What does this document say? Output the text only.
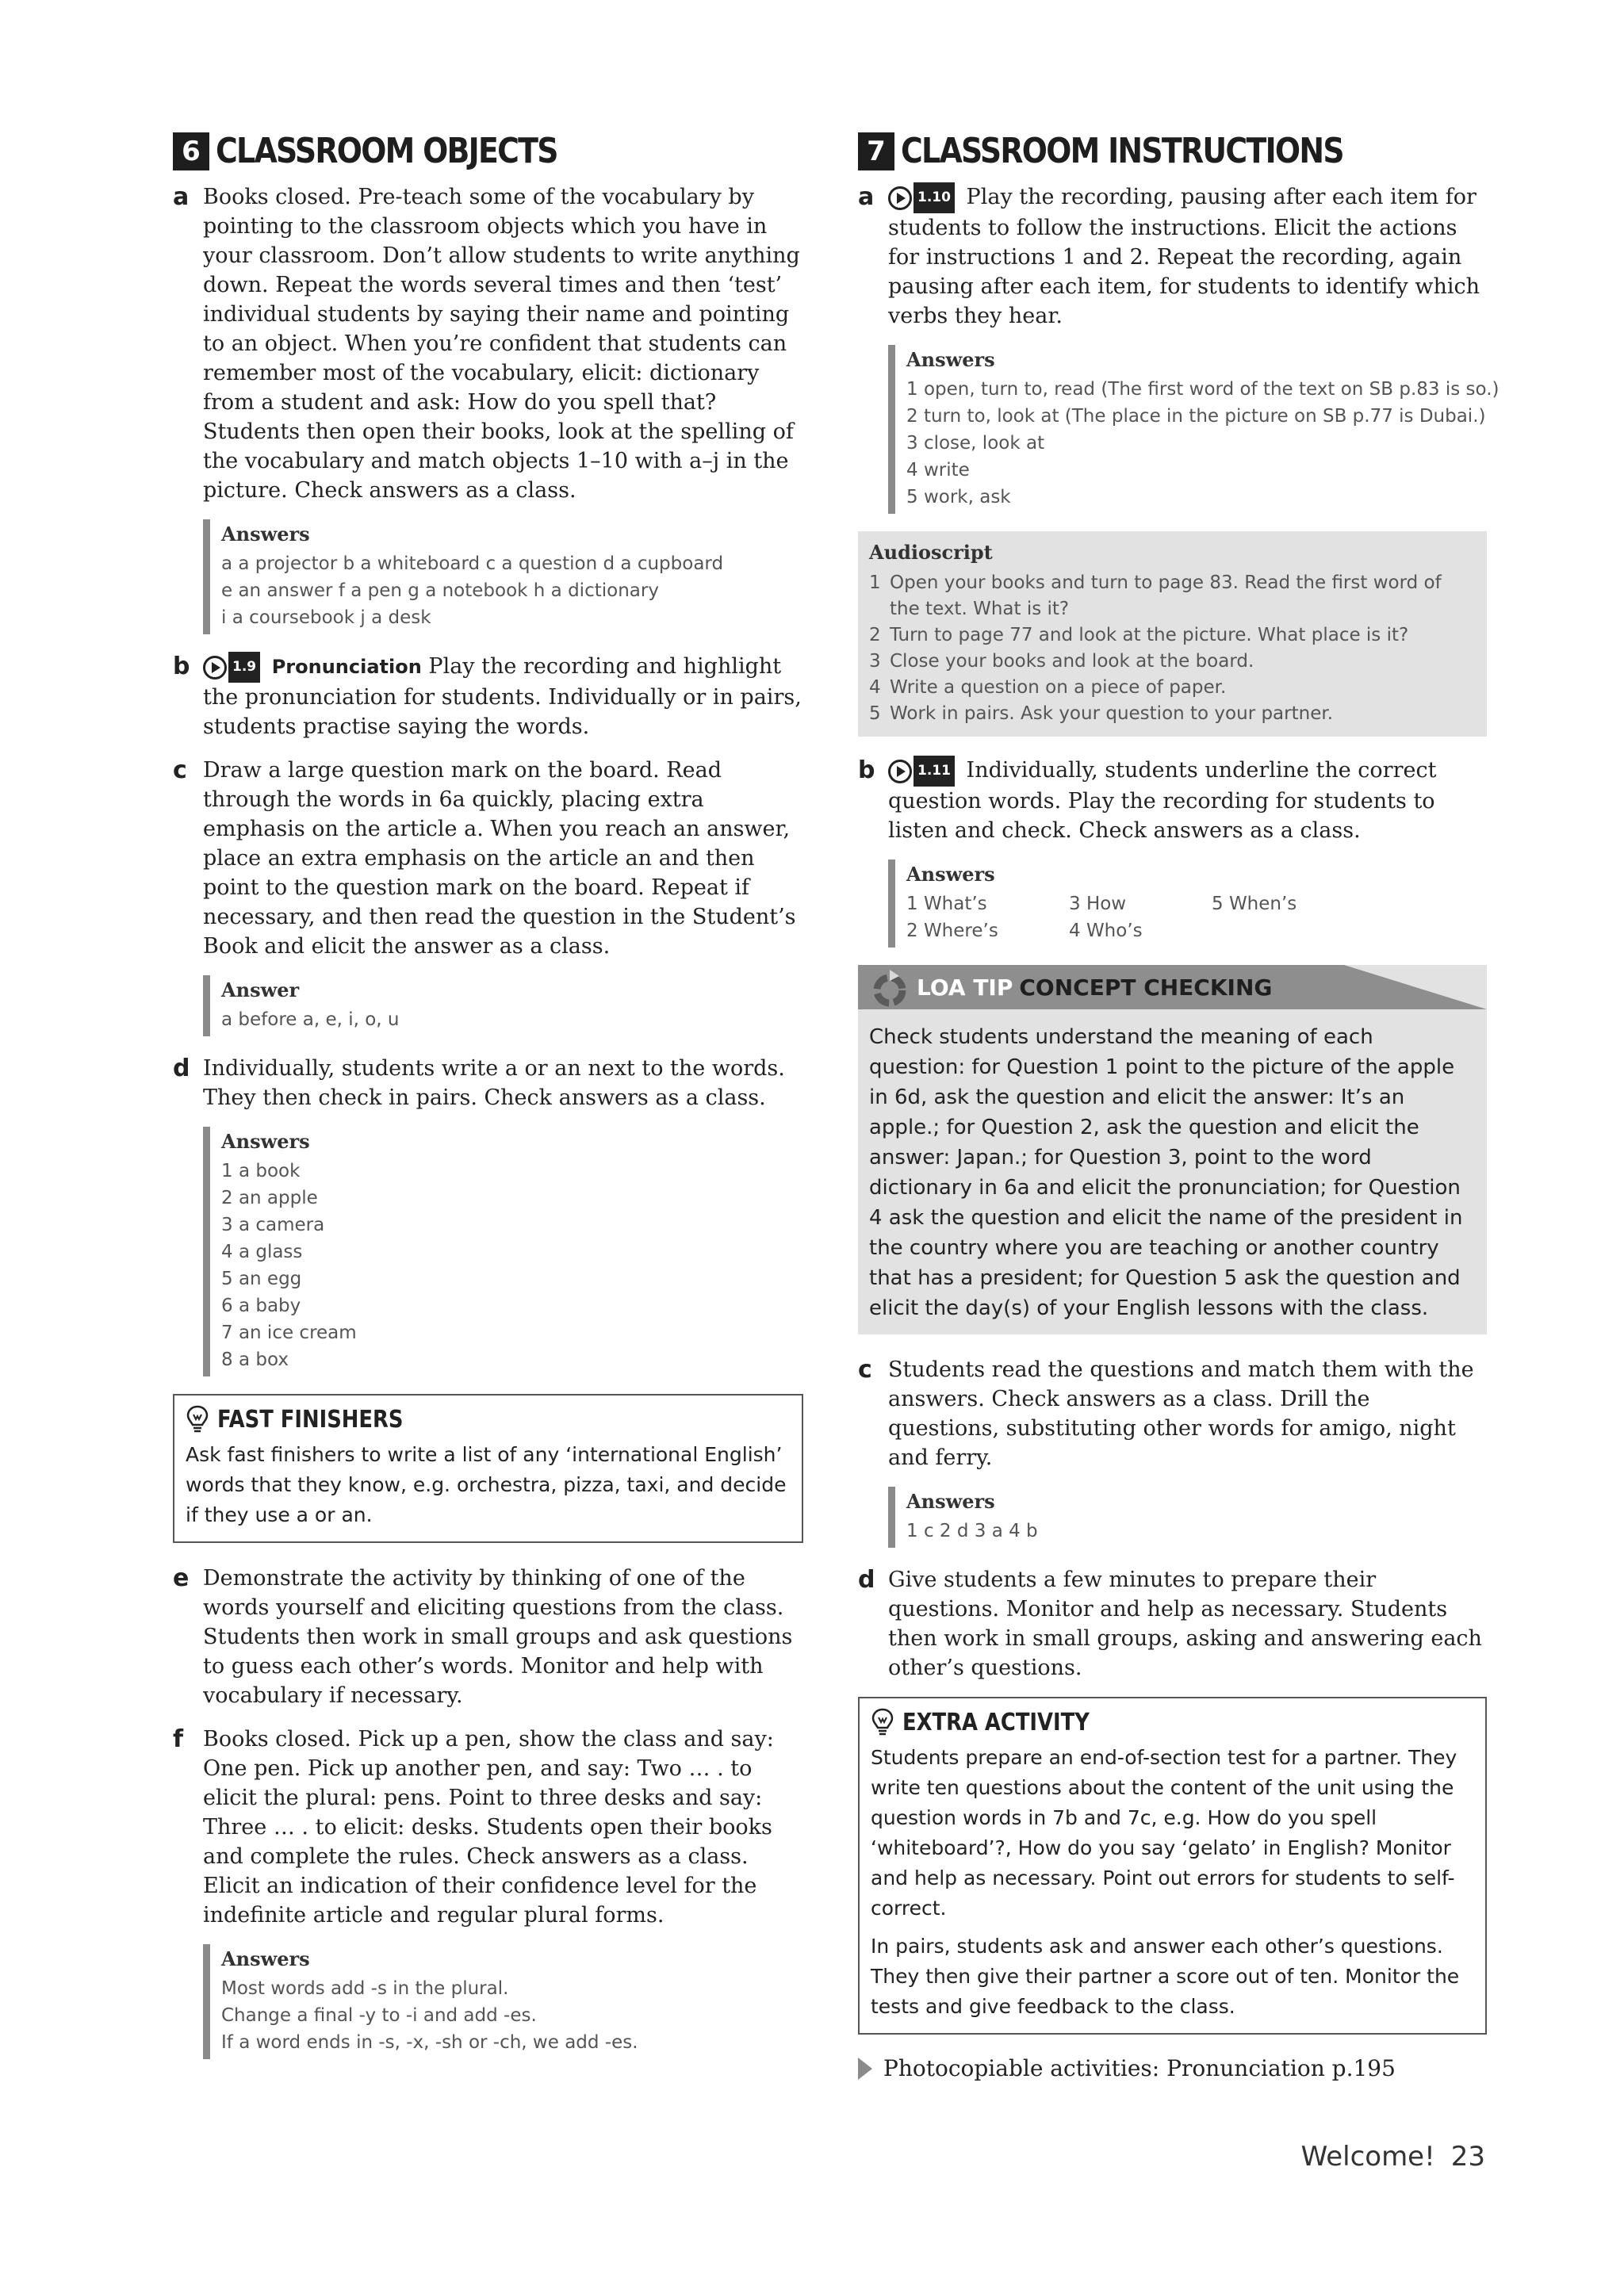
6 CLASSROOM OBJECTS
a Books closed. Pre-teach some of the vocabulary by pointing to the classroom objects which you have in your classroom. Don’t allow students to write anything down. Repeat the words several times and then ‘test’ individual students by saying their name and pointing to an object. When you’re confident that students can remember most of the vocabulary, elicit: dictionary from a student and ask: How do you spell that? Students then open their books, look at the spelling of the vocabulary and match objects 1–10 with a–j in the picture. Check answers as a class.
Answers
a a projector b a whiteboard c a question d a cupboard
e an answer f a pen g a notebook h a dictionary
i a coursebook j a desk
b	1.9 Pronunciation Play the recording and highlight the pronunciation for students. Individually or in pairs, students practise saying the words.
c Draw a large question mark on the board. Read through the words in 6a quickly, placing extra emphasis on the article a. When you reach an answer, place an extra emphasis on the article an and then point to the question mark on the board. Repeat if necessary, and then read the question in the Student’s Book and elicit the answer as a class.
Answer
a before a, e, i, o, u
d Individually, students write a or an next to the words. They then check in pairs. Check answers as a class.
Answers
1 a book
2 an apple
3 a camera
4 a glass
5 an egg
6 a baby
7 an ice cream
8 a box
FAST FINISHERS
Ask fast finishers to write a list of any ‘international English’ words that they know, e.g. orchestra, pizza, taxi, and decide if they use a or an.
e Demonstrate the activity by thinking of one of the words yourself and eliciting questions from the class. Students then work in small groups and ask questions to guess each other’s words. Monitor and help with vocabulary if necessary.
f Books closed. Pick up a pen, show the class and say: One pen. Pick up another pen, and say: Two … . to elicit the plural: pens. Point to three desks and say: Three … . to elicit: desks. Students open their books and complete the rules. Check answers as a class. Elicit an indication of their confidence level for the indefinite article and regular plural forms.
Answers
Most words add -s in the plural.
Change a final -y to -i and add -es.
If a word ends in -s, -x, -sh or -ch, we add -es.
7 CLASSROOM INSTRUCTIONS
a	1.10 Play the recording, pausing after each item for students to follow the instructions. Elicit the actions for instructions 1 and 2. Repeat the recording, again pausing after each item, for students to identify which verbs they hear.
Answers
1 open, turn to, read (The first word of the text on SB p.83 is so.)
2 turn to, look at (The place in the picture on SB p.77 is Dubai.)
3 close, look at
4 write
5 work, ask
Audioscript
1 Open your books and turn to page 83. Read the first word of the text. What is it?
2 Turn to page 77 and look at the picture. What place is it?
3 Close your books and look at the board.
4 Write a question on a piece of paper.
5 Work in pairs. Ask your question to your partner.
b	1.11 Individually, students underline the correct question words. Play the recording for students to listen and check. Check answers as a class.
Answers
1 What’s	3 How	5 When’s
2 Where’s	4 Who’s
LOA TIP CONCEPT CHECKING
Check students understand the meaning of each question: for Question 1 point to the picture of the apple in 6d, ask the question and elicit the answer: It’s an apple.; for Question 2, ask the question and elicit the answer: Japan.; for Question 3, point to the word dictionary in 6a and elicit the pronunciation; for Question 4 ask the question and elicit the name of the president in the country where you are teaching or another country that has a president; for Question 5 ask the question and elicit the day(s) of your English lessons with the class.
c Students read the questions and match them with the answers. Check answers as a class. Drill the questions, substituting other words for amigo, night and ferry.
Answers
1 c 2 d 3 a 4 b
d Give students a few minutes to prepare their questions. Monitor and help as necessary. Students then work in small groups, asking and answering each other’s questions.
EXTRA ACTIVITY
Students prepare an end-of-section test for a partner. They write ten questions about the content of the unit using the question words in 7b and 7c, e.g. How do you spell ‘whiteboard’?, How do you say ‘gelato’ in English? Monitor and help as necessary. Point out errors for students to self-correct.
In pairs, students ask and answer each other’s questions. They then give their partner a score out of ten. Monitor the tests and give feedback to the class.
Photocopiable activities: Pronunciation p.195
Welcome! 23
